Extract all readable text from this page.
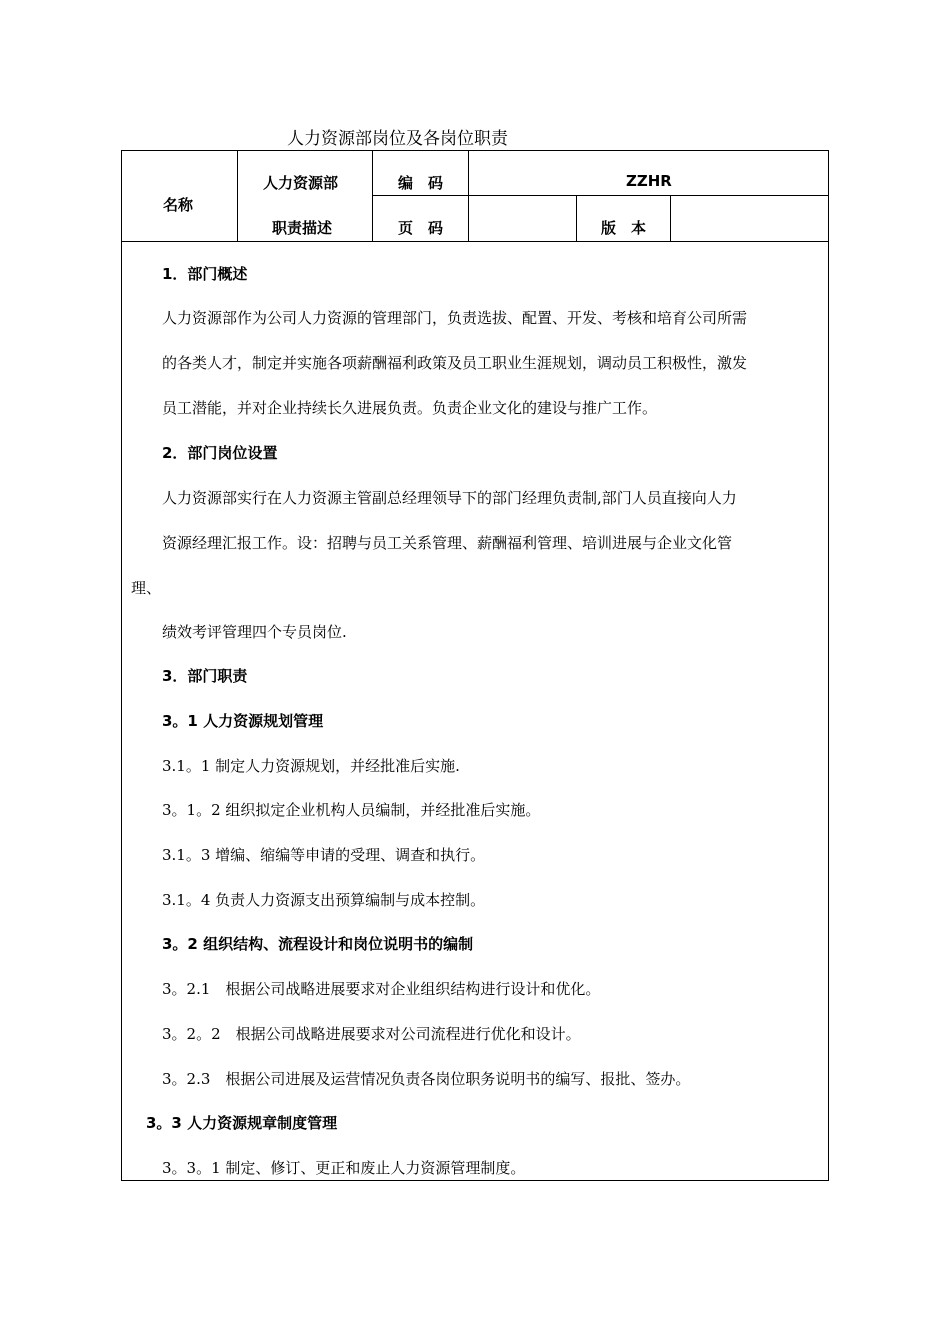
人力资源部岗位及各岗位职责
名称
人力资源部
职责描述
编　码	ZZHR
页　码	版　本
1．部门概述
人力资源部作为公司人力资源的管理部门，负责选拔、配置、开发、考核和培育公司所需
的各类人才，制定并实施各项薪酬福利政策及员工职业生涯规划，调动员工积极性，激发
员工潜能，并对企业持续长久进展负责。负责企业文化的建设与推广工作。
2．部门岗位设置
人力资源部实行在人力资源主管副总经理领导下的部门经理负责制,部门人员直接向人力
资源经理汇报工作。设：招聘与员工关系管理、薪酬福利管理、培训进展与企业文化管
理、
绩效考评管理四个专员岗位.
3．部门职责
3。1 人力资源规划管理
3.1。1 制定人力资源规划，并经批准后实施.
3。1。2 组织拟定企业机构人员编制，并经批准后实施。
3.1。3 增编、缩编等申请的受理、调查和执行。
3.1。4 负责人力资源支出预算编制与成本控制。
3。2 组织结构、流程设计和岗位说明书的编制
3。2.1　根据公司战略进展要求对企业组织结构进行设计和优化。
3。2。2　根据公司战略进展要求对公司流程进行优化和设计。
3。2.3　根据公司进展及运营情况负责各岗位职务说明书的编写、报批、签办。
3。3 人力资源规章制度管理
3。3。1 制定、修订、更正和废止人力资源管理制度。
